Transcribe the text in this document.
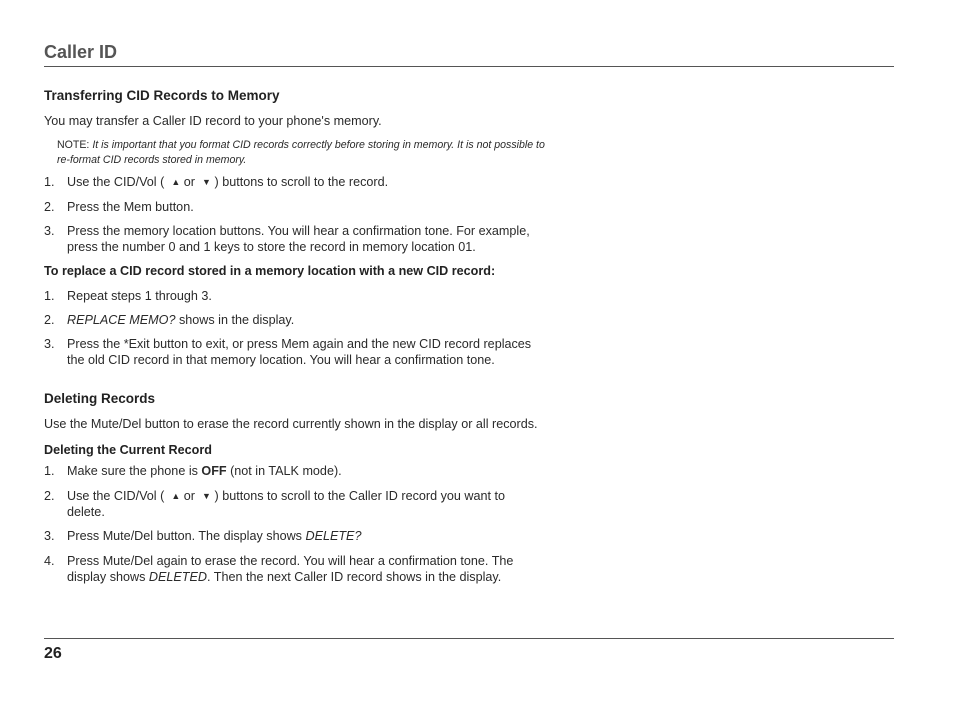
Caller ID
Transferring CID Records to Memory

You may transfer a Caller ID record to your phone's memory.

NOTE: It is important that you format CID records correctly before storing in memory. It is not possible to re-format CID records stored in memory.
1. Use the CID/Vol ( ▲ or ▼ ) buttons to scroll to the record.
2. Press the Mem button.
3. Press the memory location buttons. You will hear a confirmation tone. For example, press the number 0 and 1 keys to store the record in memory location 01.
To replace a CID record stored in a memory location with a new CID record:
1. Repeat steps 1 through 3.
2. REPLACE MEMO? shows in the display.
3. Press the *Exit button to exit, or press Mem again and the new CID record replaces the old CID record in that memory location. You will hear a confirmation tone.
Deleting Records

Use the Mute/Del button to erase the record currently shown in the display or all records.

Deleting the Current Record
1. Make sure the phone is OFF (not in TALK mode).
2. Use the CID/Vol ( ▲ or ▼ ) buttons to scroll to the Caller ID record you want to delete.
3. Press Mute/Del button. The display shows DELETE?
4. Press Mute/Del again to erase the record. You will hear a confirmation tone. The display shows DELETED. Then the next Caller ID record shows in the display.
26
